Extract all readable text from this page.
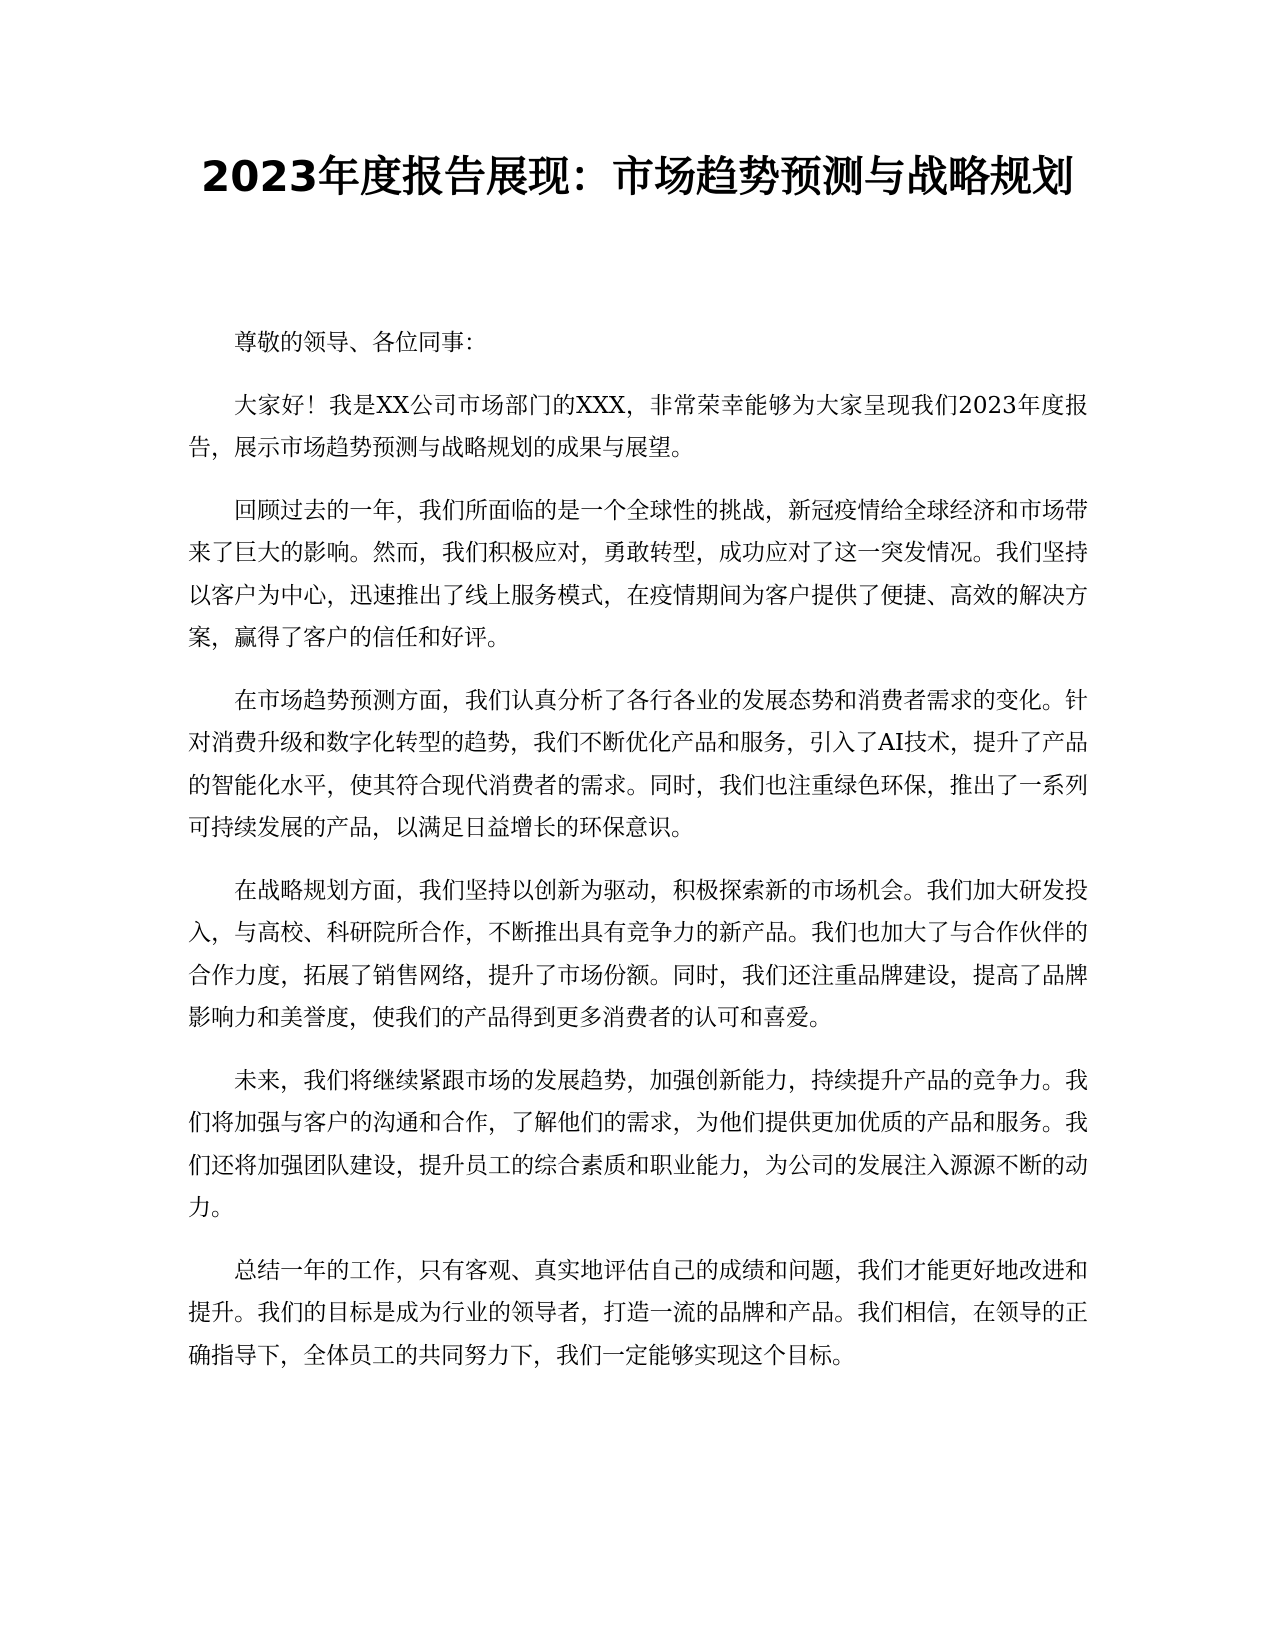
2023年度报告展现：市场趋势预测与战略规划

尊敬的领导、各位同事：

大家好！我是XX公司市场部门的XXX，非常荣幸能够为大家呈现我们2023年度报告，展示市场趋势预测与战略规划的成果与展望。

回顾过去的一年，我们所面临的是一个全球性的挑战，新冠疫情给全球经济和市场带来了巨大的影响。然而，我们积极应对，勇敢转型，成功应对了这一突发情况。我们坚持以客户为中心，迅速推出了线上服务模式，在疫情期间为客户提供了便捷、高效的解决方案，赢得了客户的信任和好评。

在市场趋势预测方面，我们认真分析了各行各业的发展态势和消费者需求的变化。针对消费升级和数字化转型的趋势，我们不断优化产品和服务，引入了AI技术，提升了产品的智能化水平，使其符合现代消费者的需求。同时，我们也注重绿色环保，推出了一系列可持续发展的产品，以满足日益增长的环保意识。

在战略规划方面，我们坚持以创新为驱动，积极探索新的市场机会。我们加大研发投入，与高校、科研院所合作，不断推出具有竞争力的新产品。我们也加大了与合作伙伴的合作力度，拓展了销售网络，提升了市场份额。同时，我们还注重品牌建设，提高了品牌影响力和美誉度，使我们的产品得到更多消费者的认可和喜爱。

未来，我们将继续紧跟市场的发展趋势，加强创新能力，持续提升产品的竞争力。我们将加强与客户的沟通和合作，了解他们的需求，为他们提供更加优质的产品和服务。我们还将加强团队建设，提升员工的综合素质和职业能力，为公司的发展注入源源不断的动力。

总结一年的工作，只有客观、真实地评估自己的成绩和问题，我们才能更好地改进和提升。我们的目标是成为行业的领导者，打造一流的品牌和产品。我们相信，在领导的正确指导下，全体员工的共同努力下，我们一定能够实现这个目标。
